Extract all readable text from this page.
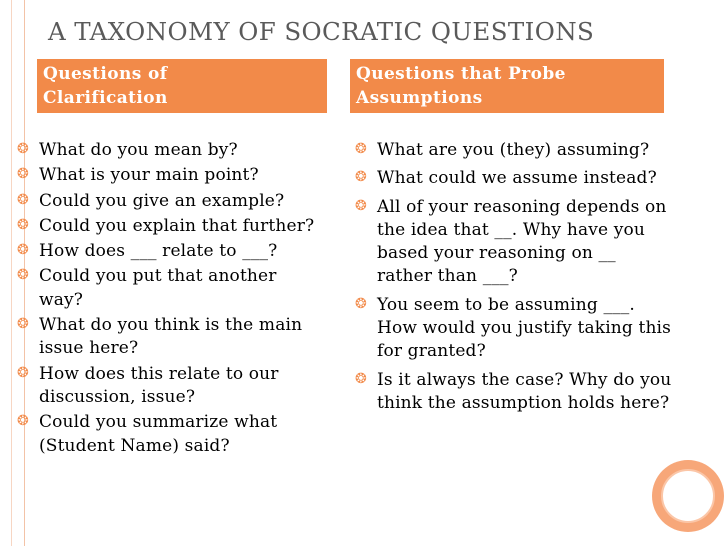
A TAXONOMY OF SOCRATIC QUESTIONS
Questions of
Clarification
Questions that Probe
Assumptions
❂ What do you mean by?
❂ What is your main point?
❂ Could you give an example?
❂ Could you explain that further?
❂ How does ___ relate to ___?
❂ Could you put that another way?
❂ What do you think is the main issue here?
❂ How does this relate to our discussion, issue?
❂ Could you summarize what (Student Name) said?
❂ What are you (they) assuming?
❂ What could we assume instead?
❂ All of your reasoning depends on the idea that __. Why have you based your reasoning on __ rather than ___?
❂ You seem to be assuming ___. How would you justify taking this for granted?
❂ Is it always the case? Why do you think the assumption holds here?
